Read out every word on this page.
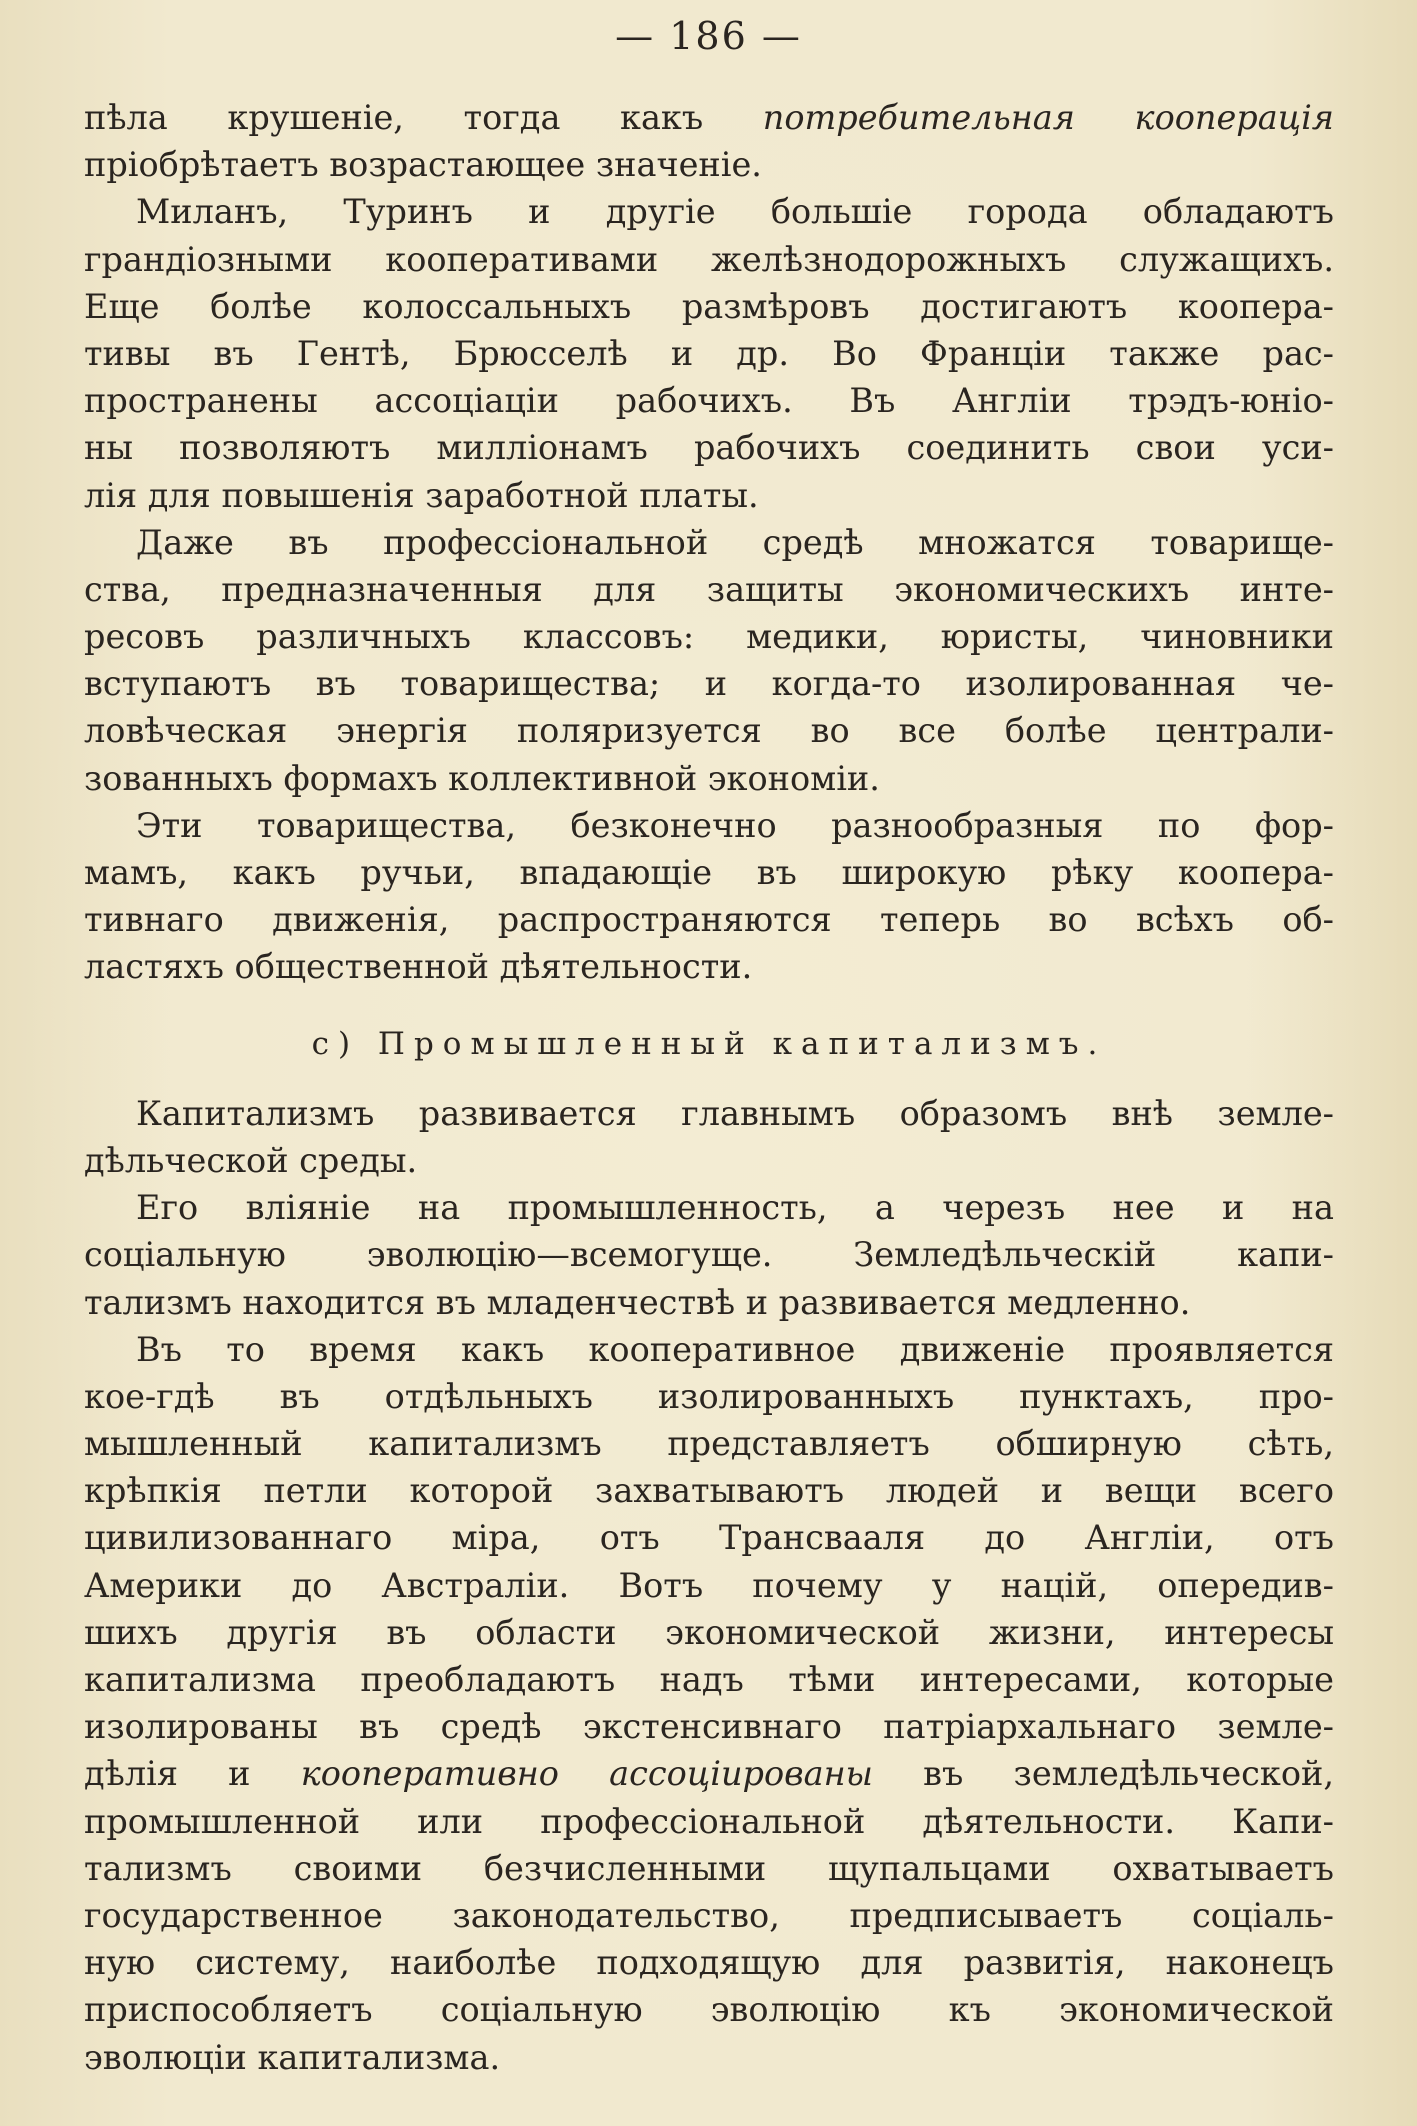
— 186 —
пѣла крушеніе, тогда какъ потребительная кооперація
пріобрѣтаетъ возрастающее значеніе.
Миланъ, Туринъ и другіе большіе города обладаютъ
грандіозными кооперативами желѣзнодорожныхъ служащихъ.
Еще болѣе колоссальныхъ размѣровъ достигаютъ коопера-
тивы въ Гентѣ, Брюсселѣ и др. Во Франціи также рас-
пространены ассоціаціи рабочихъ. Въ Англіи трэдъ-юніо-
ны позволяютъ милліонамъ рабочихъ соединить свои уси-
лія для повышенія заработной платы.
Даже въ профессіональной средѣ множатся товарище-
ства, предназначенныя для защиты экономическихъ инте-
ресовъ различныхъ классовъ: медики, юристы, чиновники
вступаютъ въ товарищества; и когда-то изолированная че-
ловѣческая энергія поляризуется во все болѣе централи-
зованныхъ формахъ коллективной экономіи.
Эти товарищества, безконечно разнообразныя по фор-
мамъ, какъ ручьи, впадающіе въ широкую рѣку коопера-
тивнаго движенія, распространяются теперь во всѣхъ об-
ластяхъ общественной дѣятельности.
c) Промышленный капитализмъ.
Капитализмъ развивается главнымъ образомъ внѣ земле-
дѣльческой среды.
Его вліяніе на промышленность, а черезъ нее и на
соціальную эволюцію—всемогуще. Земледѣльческій капи-
тализмъ находится въ младенчествѣ и развивается медленно.
Въ то время какъ кооперативное движеніе проявляется
кое-гдѣ въ отдѣльныхъ изолированныхъ пунктахъ, про-
мышленный капитализмъ представляетъ обширную сѣть,
крѣпкія петли которой захватываютъ людей и вещи всего
цивилизованнаго міра, отъ Трансвааля до Англіи, отъ
Америки до Австраліи. Вотъ почему у націй, опередив-
шихъ другія въ области экономической жизни, интересы
капитализма преобладаютъ надъ тѣми интересами, которые
изолированы въ средѣ экстенсивнаго патріархальнаго земле-
дѣлія и кооперативно ассоціированы въ земледѣльческой,
промышленной или профессіональной дѣятельности. Капи-
тализмъ своими безчисленными щупальцами охватываетъ
государственное законодательство, предписываетъ соціаль-
ную систему, наиболѣе подходящую для развитія, наконецъ
приспособляетъ соціальную эволюцію къ экономической
эволюціи капитализма.
